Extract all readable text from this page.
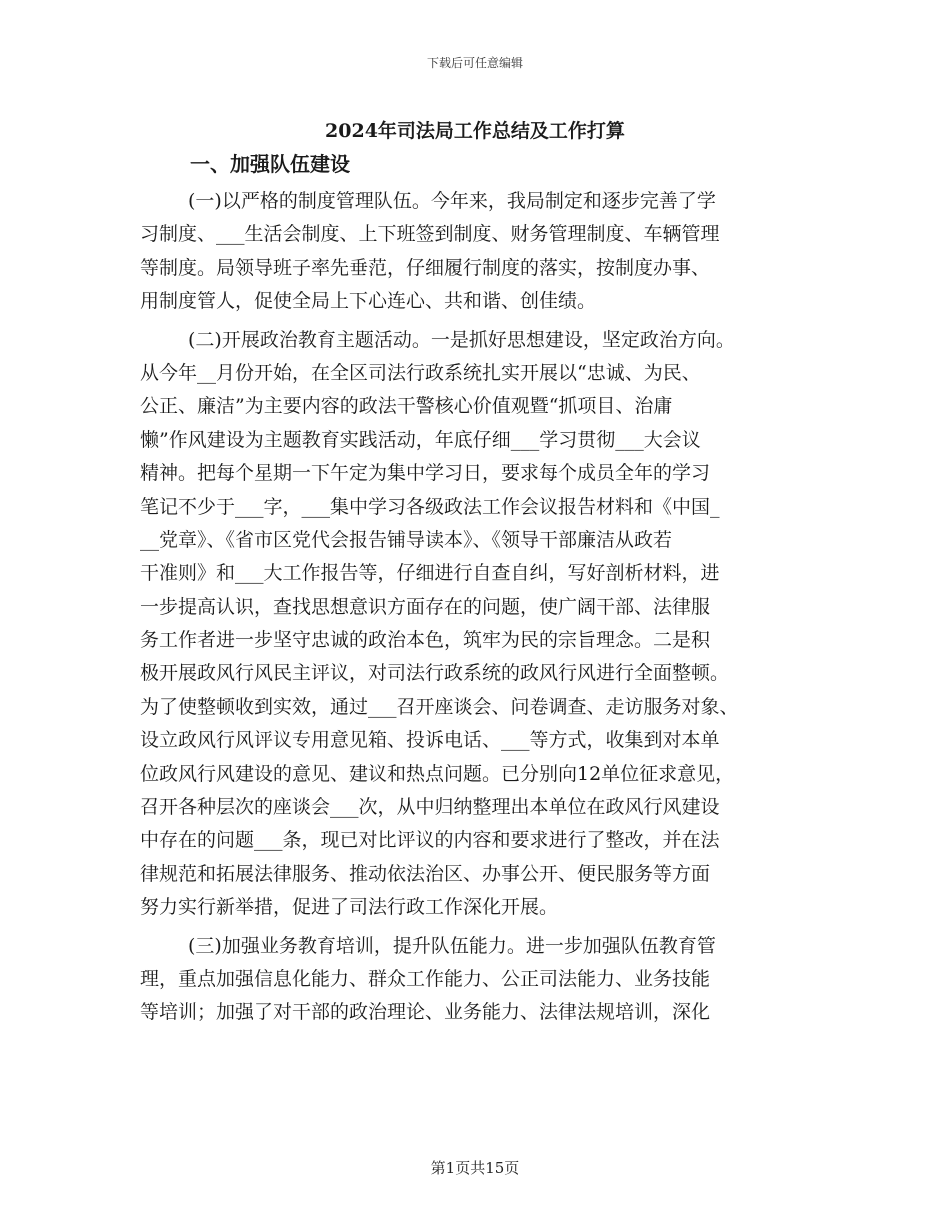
下载后可任意编辑
2024年司法局工作总结及工作打算
一、加强队伍建设
(一)以严格的制度管理队伍。今年来，我局制定和逐步完善了学
习制度、___生活会制度、上下班签到制度、财务管理制度、车辆管理
等制度。局领导班子率先垂范，仔细履行制度的落实，按制度办事、
用制度管人，促使全局上下心连心、共和谐、创佳绩。
(二)开展政治教育主题活动。一是抓好思想建设，坚定政治方向。
从今年__月份开始，在全区司法行政系统扎实开展以“忠诚、为民、
公正、廉洁”为主要内容的政法干警核心价值观暨“抓项目、治庸
懒”作风建设为主题教育实践活动，年底仔细___学习贯彻___大会议
精神。把每个星期一下午定为集中学习日，要求每个成员全年的学习
笔记不少于___字，___集中学习各级政法工作会议报告材料和《中国_
__党章》、《省市区党代会报告铺导读本》、《领导干部廉洁从政若
干准则》和___大工作报告等，仔细进行自查自纠，写好剖析材料，进
一步提高认识，查找思想意识方面存在的问题，使广阔干部、法律服
务工作者进一步坚守忠诚的政治本色，筑牢为民的宗旨理念。二是积
极开展政风行风民主评议，对司法行政系统的政风行风进行全面整顿。
为了使整顿收到实效，通过___召开座谈会、问卷调查、走访服务对象、
设立政风行风评议专用意见箱、投诉电话、___等方式，收集到对本单
位政风行风建设的意见、建议和热点问题。已分别向12单位征求意见，
召开各种层次的座谈会___次，从中归纳整理出本单位在政风行风建设
中存在的问题___条，现已对比评议的内容和要求进行了整改，并在法
律规范和拓展法律服务、推动依法治区、办事公开、便民服务等方面
努力实行新举措，促进了司法行政工作深化开展。
(三)加强业务教育培训，提升队伍能力。进一步加强队伍教育管
理，重点加强信息化能力、群众工作能力、公正司法能力、业务技能
等培训；加强了对干部的政治理论、业务能力、法律法规培训，深化
第1页共15页
